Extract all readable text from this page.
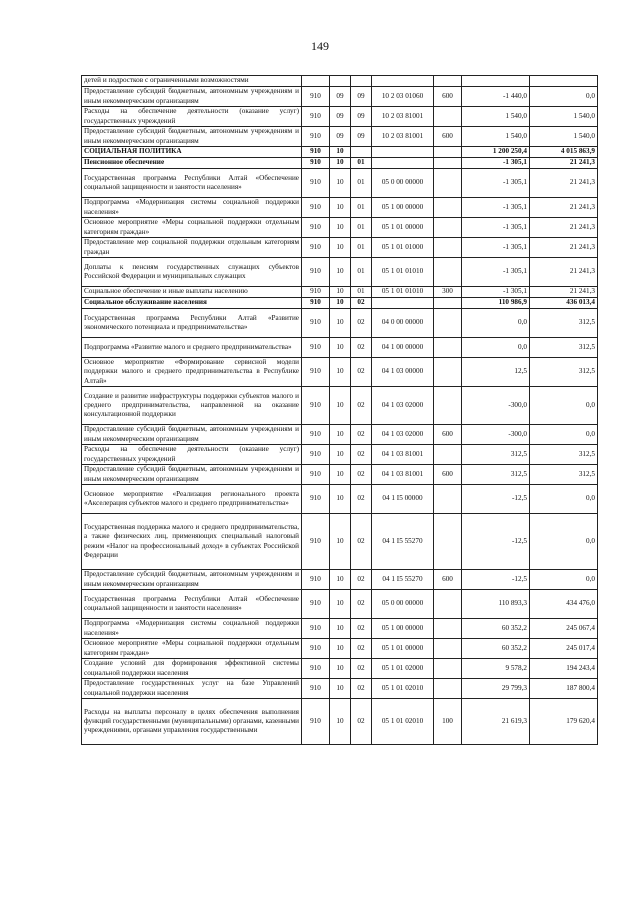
149
детей и подростков с ограниченными возможностями							
Предоставление субсидий бюджетным, автономным учреждениям и иным некоммерческим организациям	910	09	09	10 2 03 01060	600	-1 440,0	0,0
Расходы на обеспечение деятельности (оказание услуг) государственных учреждений	910	09	09	10 2 03 81001		1 540,0	1 540,0
Предоставление субсидий бюджетным, автономным учреждениям и иным некоммерческим организациям	910	09	09	10 2 03 81001	600	1 540,0	1 540,0
СОЦИАЛЬНАЯ ПОЛИТИКА	910	10				1 200 250,4	4 015 863,9
Пенсионное обеспечение	910	10	01			-1 305,1	21 241,3
Государственная программа Республики Алтай «Обеспечение социальной защищенности и занятости населения»	910	10	01	05 0 00 00000		-1 305,1	21 241,3
Подпрограмма «Модернизация системы социальной поддержки населения»	910	10	01	05 1 00 00000		-1 305,1	21 241,3
Основное мероприятие «Меры социальной поддержки отдельным категориям граждан»	910	10	01	05 1 01 00000		-1 305,1	21 241,3
Предоставление мер социальной поддержки отдельным категориям граждан	910	10	01	05 1 01 01000		-1 305,1	21 241,3
Доплаты к пенсиям государственных служащих субъектов Российской Федерации и муниципальных служащих	910	10	01	05 1 01 01010		-1 305,1	21 241,3
Социальное обеспечение и иные выплаты населению	910	10	01	05 1 01 01010	300	-1 305,1	21 241,3
Социальное обслуживание населения	910	10	02			110 986,9	436 013,4
Государственная программа Республики Алтай «Развитие экономического потенциала и предпринимательства»	910	10	02	04 0 00 00000		0,0	312,5
Подпрограмма «Развитие малого и среднего предпринимательства»	910	10	02	04 1 00 00000		0,0	312,5
Основное мероприятие «Формирование сервисной модели поддержки малого и среднего предпринимательства в Республике Алтай»	910	10	02	04 1 03 00000		12,5	312,5
Создание и развитие инфраструктуры поддержки субъектов малого и среднего предпринимательства, направленной на оказание консультационной поддержки	910	10	02	04 1 03 02000		-300,0	0,0
Предоставление субсидий бюджетным, автономным учреждениям и иным некоммерческим организациям	910	10	02	04 1 03 02000	600	-300,0	0,0
Расходы на обеспечение деятельности (оказание услуг) государственных учреждений	910	10	02	04 1 03 81001		312,5	312,5
Предоставление субсидий бюджетным, автономным учреждениям и иным некоммерческим организациям	910	10	02	04 1 03 81001	600	312,5	312,5
Основное мероприятие «Реализация регионального проекта «Акселерация субъектов малого и среднего предпринимательства»	910	10	02	04 1 I5 00000		-12,5	0,0
Государственная поддержка малого и среднего предпринимательства, а также физических лиц, применяющих специальный налоговый режим «Налог на профессиональный доход» в субъектах Российской Федерации	910	10	02	04 1 I5 55270		-12,5	0,0
Предоставление субсидий бюджетным, автономным учреждениям и иным некоммерческим организациям	910	10	02	04 1 I5 55270	600	-12,5	0,0
Государственная программа Республики Алтай «Обеспечение социальной защищенности и занятости населения»	910	10	02	05 0 00 00000		110 893,3	434 476,0
Подпрограмма «Модернизация системы социальной поддержки населения»	910	10	02	05 1 00 00000		60 352,2	245 067,4
Основное мероприятие «Меры социальной поддержки отдельным категориям граждан»	910	10	02	05 1 01 00000		60 352,2	245 017,4
Создание условий для формирования эффективной системы социальной поддержки населения	910	10	02	05 1 01 02000		9 578,2	194 243,4
Предоставление государственных услуг на базе Управлений социальной поддержки населения	910	10	02	05 1 01 02010		29 799,3	187 800,4
Расходы на выплаты персоналу в целях обеспечения выполнения функций государственными (муниципальными) органами, казенными учреждениями, органами управления государственными	910	10	02	05 1 01 02010	100	21 619,3	179 620,4
